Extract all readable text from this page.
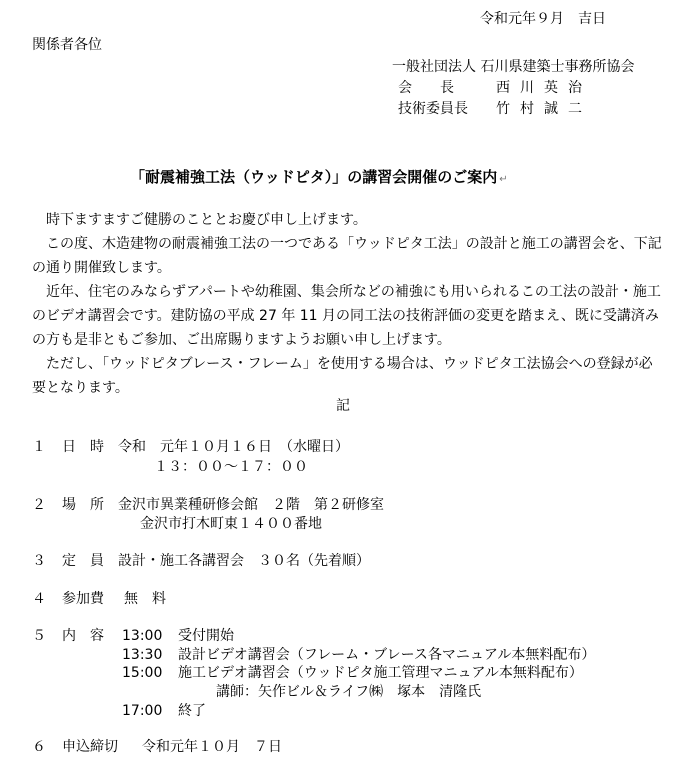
令和元年９月　吉日
関係者各位
一般社団法人 石川県建築士事務所協会
会　　長	西川英治
技術委員長 竹村誠二
「耐震補強工法（ウッドピタ）」の講習会開催のご案内 ↵

時下ますますご健勝のこととお慶び申し上げます。

この度、木造建物の耐震補強工法の一つである「ウッドピタ工法」の設計と施工の講習会を、下記の通り開催致します。

近年、住宅のみならずアパートや幼稚園、集会所などの補強にも用いられるこの工法の設計・施工のビデオ講習会です。建防協の平成 27 年 11 月の同工法の技術評価の変更を踏まえ、既に受講済みの方も是非ともご参加、ご出席賜りますようお願い申し上げます。

ただし、「ウッドピタブレース・フレーム」を使用する場合は、ウッドピタ工法協会への登録が必要となります。

記
１ 日　時 令和　元年１０月１６日　（水曜日）
１３：００～１７：００
２ 場　所 金沢市異業種研修会館　２階　第２研修室
金沢市打木町東１４００番地
３ 定　員 設計・施工各講習会　３０名（先着順）
４ 参加費 無　料
５ 内　容 13:00 受付開始
13:30 設計ビデオ講習会（フレーム・ブレース各マニュアル本無料配布）
15:00 施工ビデオ講習会（ウッドピタ施工管理マニュアル本無料配布）
講師：矢作ビル＆ライフ㈱　塚本　清隆氏
17:00 終了
６ 申込締切 令和元年１０月　７日
